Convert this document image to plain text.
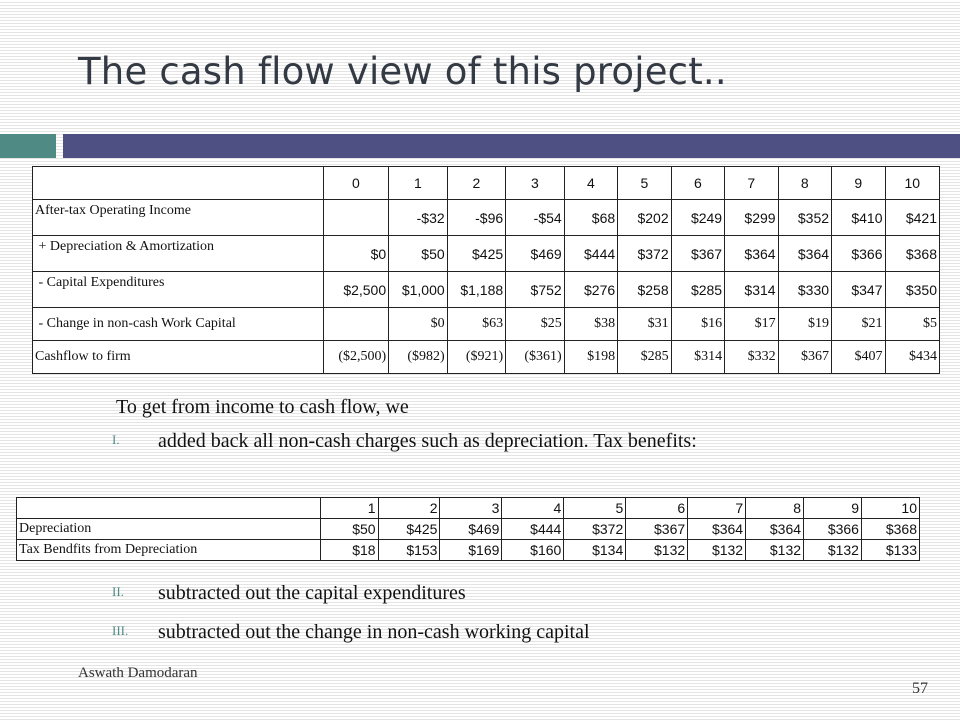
The cash flow view of this project..
	0	1	2	3	4	5	6	7	8	9	10
After-tax Operating Income		-$32	-$96	-$54	$68	$202	$249	$299	$352	$410	$421
+ Depreciation & Amortization	$0	$50	$425	$469	$444	$372	$367	$364	$364	$366	$368
- Capital Expenditures	$2,500	$1,000	$1,188	$752	$276	$258	$285	$314	$330	$347	$350
- Change in non-cash Work Capital		$0	$63	$25	$38	$31	$16	$17	$19	$21	$5
Cashflow to firm	($2,500)	($982)	($921)	($361)	$198	$285	$314	$332	$367	$407	$434
To get from income to cash flow, we
I. added back all non-cash charges such as depreciation. Tax benefits:
	1	2	3	4	5	6	7	8	9	10
Depreciation	$50	$425	$469	$444	$372	$367	$364	$364	$366	$368
Tax Bendfits from Depreciation	$18	$153	$169	$160	$134	$132	$132	$132	$132	$133
II. subtracted out the capital expenditures
III. subtracted out the change in non-cash working capital
Aswath Damodaran
57
